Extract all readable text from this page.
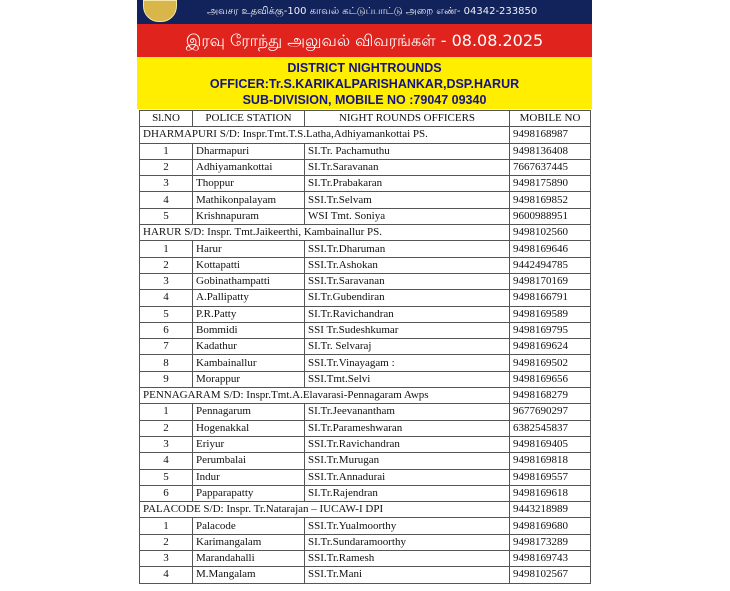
அவசர உதவிக்கு-100 காவல் கட்டுப்பாட்டு அறை எண்- 04342-233850
இரவு ரோந்து அலுவல் விவரங்கள் - 08.08.2025
DISTRICT NIGHTROUNDS
OFFICER:Tr.S.KARIKALPARISHANKAR,DSP.HARUR
SUB-DIVISION, MOBILE NO :79047 09340
Sl.NO	POLICE STATION	NIGHT ROUNDS OFFICERS	MOBILE NO
DHARMAPURI S/D: Inspr.Tmt.T.S.Latha,Adhiyamankottai PS.			9498168987
1	Dharmapuri	SI.Tr. Pachamuthu	9498136408
2	Adhiyamankottai	SI.Tr.Saravanan	7667637445
3	Thoppur	SI.Tr.Prabakaran	9498175890
4	Mathikonpalayam	SSI.Tr.Selvam	9498169852
5	Krishnapuram	WSI Tmt. Soniya	9600988951
HARUR S/D: Inspr. Tmt.Jaikeerthi, Kambainallur PS.			9498102560
1	Harur	SSI.Tr.Dharuman	9498169646
2	Kottapatti	SSI.Tr.Ashokan	9442494785
3	Gobinathampatti	SSI.Tr.Saravanan	9498170169
4	A.Pallipatty	SI.Tr.Gubendiran	9498166791
5	P.R.Patty	SI.Tr.Ravichandran	9498169589
6	Bommidi	SSI Tr.Sudeshkumar	9498169795
7	Kadathur	SI.Tr. Selvaraj	9498169624
8	Kambainallur	SSI.Tr.Vinayagam :	9498169502
9	Morappur	SSI.Tmt.Selvi	9498169656
PENNAGARAM S/D: Inspr.Tmt.A.Elavarasi-Pennagaram Awps			9498168279
1	Pennagarum	SI.Tr.Jeevanantham	9677690297
2	Hogenakkal	SI.Tr.Parameshwaran	6382545837
3	Eriyur	SSI.Tr.Ravichandran	9498169405
4	Perumbalai	SSI.Tr.Murugan	9498169818
5	Indur	SSI.Tr.Annadurai	9498169557
6	Papparapatty	SI.Tr.Rajendran	9498169618
PALACODE S/D: Inspr. Tr.Natarajan – IUCAW-I DPI			9443218989
1	Palacode	SSI.Tr.Yualmoorthy	9498169680
2	Karimangalam	SI.Tr.Sundaramoorthy	9498173289
3	Marandahalli	SSI.Tr.Ramesh	9498169743
4	M.Mangalam	SSI.Tr.Mani	9498102567
